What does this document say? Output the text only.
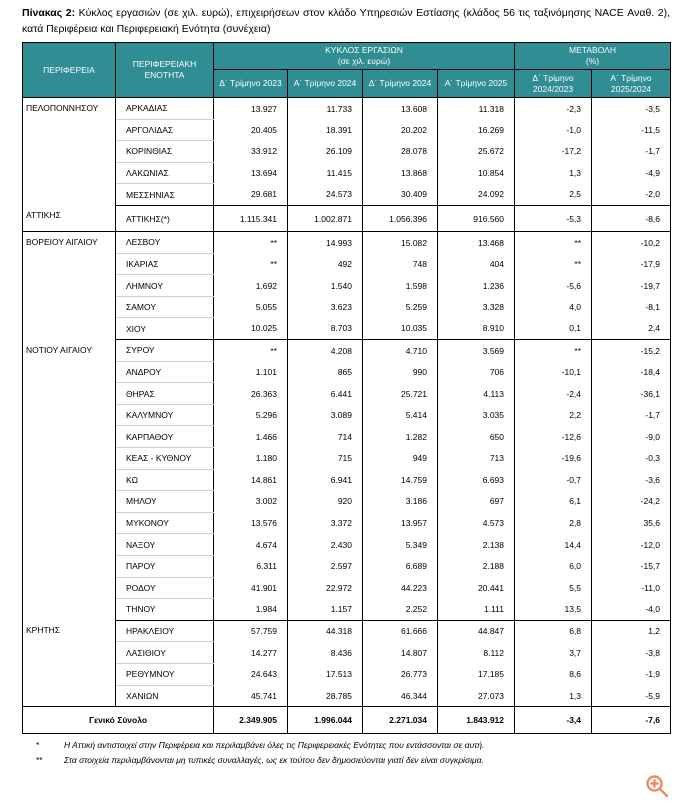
Πίνακας 2: Κύκλος εργασιών (σε χιλ. ευρώ), επιχειρήσεων στον κλάδο Υπηρεσιών Εστίασης (κλάδος 56 τις ταξινόμησης NACE Αναθ. 2), κατά Περιφέρεια και Περιφερειακή Ενότητα (συνέχεια)
ΠΕΡΙΦΕΡΕΙΑ	ΠΕΡΙΦΕΡΕΙΑΚΗ ΕΝΟΤΗΤΑ	ΚΥΚΛΟΣ ΕΡΓΑΣΙΩΝ
(σε χιλ. ευρώ)				ΜΕΤΑΒΟΛΗ
(%)	
		Δ΄ Τρίμηνο 2023	Α΄ Τρίμηνο 2024	Δ΄ Τρίμηνο 2024	Α΄ Τρίμηνο 2025	Δ΄ Τρίμηνο 2024/2023	Α΄ Τρίμηνο 2025/2024
ΠΕΛΟΠΟΝΝΗΣΟΥ	ΑΡΚΑΔΙΑΣ	13.927	11.733	13.608	11.318	-2,3	-3,5
	ΑΡΓΟΛΙΔΑΣ	20.405	18.391	20.202	16.269	-1,0	-11,5
	ΚΟΡΙΝΘΙΑΣ	33.912	26.109	28.078	25.672	-17,2	-1,7
	ΛΑΚΩΝΙΑΣ	13.694	11.415	13.868	10.854	1,3	-4,9
	ΜΕΣΣΗΝΙΑΣ	29.681	24.573	30.409	24.092	2,5	-2,0
ΑΤΤΙΚΗΣ	ΑΤΤΙΚΗΣ(*)	1.115.341	1.002.871	1.056.396	916.560	-5,3	-8,6
ΒΟΡΕΙΟΥ ΑΙΓΑΙΟΥ	ΛΕΣΒΟΥ	**	14.993	15.082	13.468	**	-10,2
	ΙΚΑΡΙΑΣ	**	492	748	404	**	-17,9
	ΛΗΜΝΟΥ	1.692	1.540	1.598	1.236	-5,6	-19,7
	ΣΑΜΟΥ	5.055	3.623	5.259	3.328	4,0	-8,1
	ΧΙΟΥ	10.025	8.703	10.035	8.910	0,1	2,4
ΝΟΤΙΟΥ ΑΙΓΑΙΟΥ	ΣΥΡΟΥ	**	4.208	4.710	3.569	**	-15,2
	ΑΝΔΡΟΥ	1.101	865	990	706	-10,1	-18,4
	ΘΗΡΑΣ	26.363	6.441	25.721	4.113	-2,4	-36,1
	ΚΑΛΥΜΝΟΥ	5.296	3.089	5.414	3.035	2,2	-1,7
	ΚΑΡΠΑΘΟΥ	1.466	714	1.282	650	-12,6	-9,0
	ΚΕΑΣ - ΚΥΘΝΟΥ	1.180	715	949	713	-19,6	-0,3
	ΚΩ	14.861	6.941	14.759	6.693	-0,7	-3,6
	ΜΗΛΟΥ	3.002	920	3.186	697	6,1	-24,2
	ΜΥΚΟΝΟΥ	13.576	3.372	13.957	4.573	2,8	35,6
	ΝΑΞΟΥ	4.674	2.430	5.349	2.138	14,4	-12,0
	ΠΑΡΟΥ	6.311	2.597	6.689	2.188	6,0	-15,7
	ΡΟΔΟΥ	41.901	22.972	44.223	20.441	5,5	-11,0
	ΤΗΝΟΥ	1.984	1.157	2.252	1.111	13,5	-4,0
ΚΡΗΤΗΣ	ΗΡΑΚΛΕΙΟΥ	57.759	44.318	61.666	44.847	6,8	1,2
	ΛΑΣΙΘΙΟΥ	14.277	8.436	14.807	8.112	3,7	-3,8
	ΡΕΘΥΜΝΟΥ	24.643	17.513	26.773	17.185	8,6	-1,9
	ΧΑΝΙΩΝ	45.741	28.785	46.344	27.073	1,3	-5,9
Γενικό Σύνολο		2.349.905	1.996.044	2.271.034	1.843.912	-3,4	-7,6
*	Η Αττική αντιστοιχεί στην Περιφέρεια και περιλαμβάνει όλες τις Περιφερειακές Ενότητες που εντάσσονται σε αυτή.
**	Στα στοιχεία περιλαμβάνονται μη τυπικές συναλλαγές, ως εκ τούτου δεν δημοσιεύονται γιατί δεν είναι συγκρίσιμα.
